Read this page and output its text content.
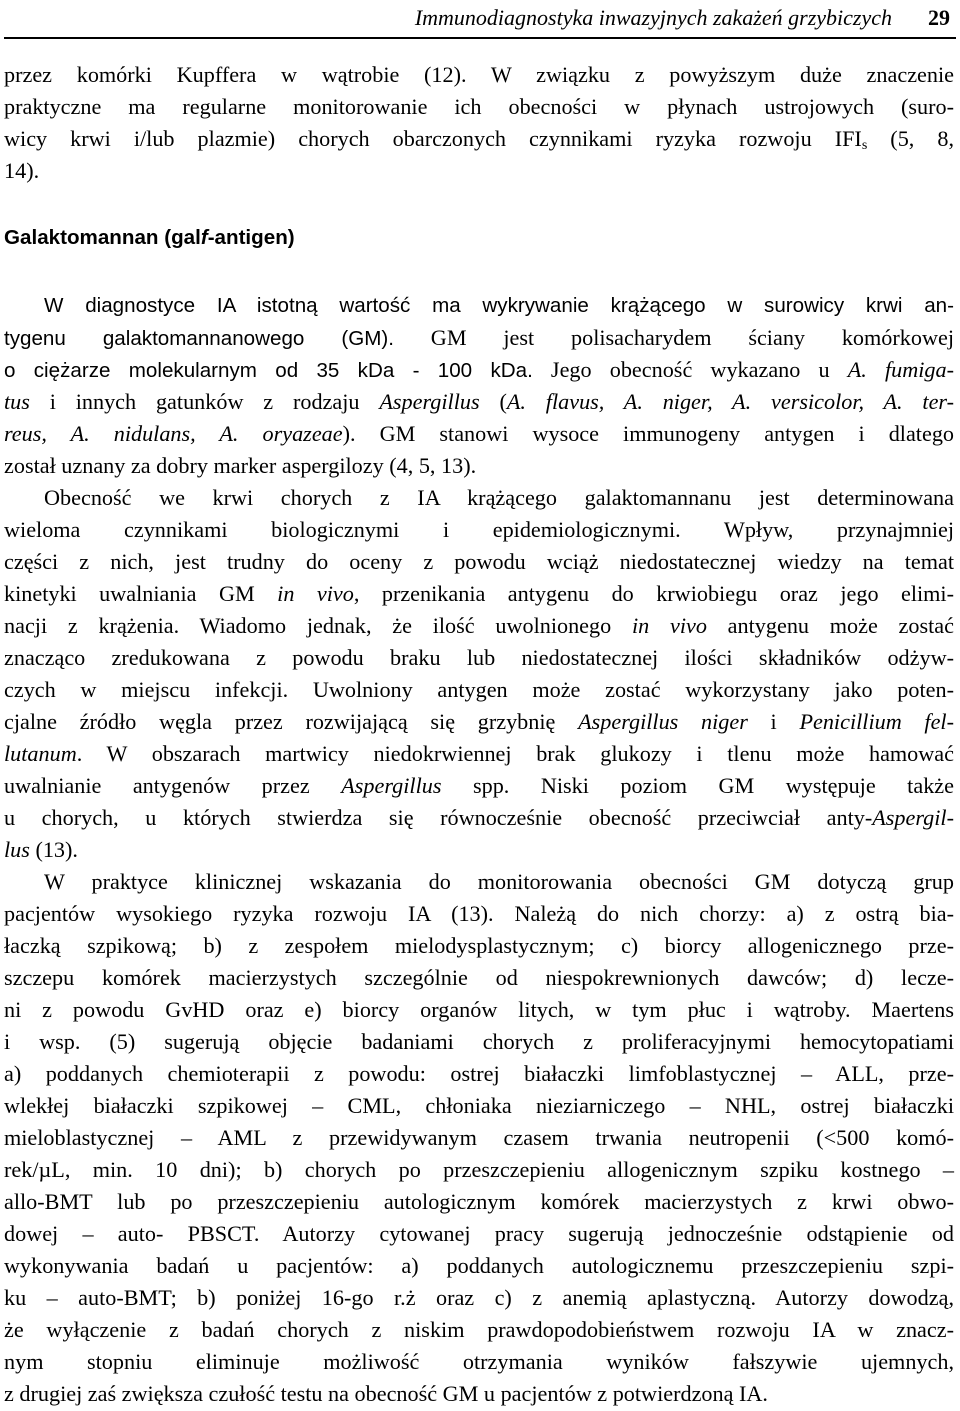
Immunodiagnostyka inwazyjnych zakażeń grzybiczych 29
przez komórki Kupffera w wątrobie (12). W związku z powyższym duże znaczenie
praktyczne ma regularne monitorowanie ich obecności w płynach ustrojowych (suro-
wicy krwi i/lub plazmie) chorych obarczonych czynnikami ryzyka rozwoju $IFI_s$ (5, 8,
14).
Galaktomannan (galf-antigen)
W diagnostyce IA istotną wartość ma wykrywanie krążącego w surowicy krwi an-
tygenu galaktomannanowego (GM). GM jest polisacharydem ściany komórkowej
o ciężarze molekularnym od 35 kDa - 100 kDa. Jego obecność wykazano u A. fumiga-
tus i innych gatunków z rodzaju Aspergillus (A. flavus, A. niger, A. versicolor, A. ter-
reus, A. nidulans, A. oryazeae). GM stanowi wysoce immunogeny antygen i dlatego
został uznany za dobry marker aspergilozy (4, 5, 13).
Obecność we krwi chorych z IA krążącego galaktomannanu jest determinowana
wieloma czynnikami biologicznymi i epidemiologicznymi. Wpływ, przynajmniej
części z nich, jest trudny do oceny z powodu wciąż niedostatecznej wiedzy na temat
kinetyki uwalniania GM in vivo, przenikania antygenu do krwiobiegu oraz jego elimi-
nacji z krążenia. Wiadomo jednak, że ilość uwolnionego in vivo antygenu może zostać
znacząco zredukowana z powodu braku lub niedostatecznej ilości składników odżyw-
czych w miejscu infekcji. Uwolniony antygen może zostać wykorzystany jako poten-
cjalne źródło węgla przez rozwijającą się grzybnię Aspergillus niger i Penicillium fel-
lutanum. W obszarach martwicy niedokrwiennej brak glukozy i tlenu może hamować
uwalnianie antygenów przez Aspergillus spp. Niski poziom GM występuje także
u chorych, u których stwierdza się równocześnie obecność przeciwciał anty-Aspergil-
lus (13).
W praktyce klinicznej wskazania do monitorowania obecności GM dotyczą grup
pacjentów wysokiego ryzyka rozwoju IA (13). Należą do nich chorzy: a) z ostrą bia-
łaczką szpikową; b) z zespołem mielodysplastycznym; c) biorcy allogenicznego prze-
szczepu komórek macierzystych szczególnie od niespokrewnionych dawców; d) lecze-
ni z powodu GvHD oraz e) biorcy organów litych, w tym płuc i wątroby. Maertens
i wsp. (5) sugerują objęcie badaniami chorych z proliferacyjnymi hemocytopatiami
a) poddanych chemioterapii z powodu: ostrej białaczki limfoblastycznej – ALL, prze-
wlekłej białaczki szpikowej – CML, chłoniaka nieziarniczego – NHL, ostrej białaczki
mieloblastycznej – AML z przewidywanym czasem trwania neutropenii (<500 komó-
rek/µL, min. 10 dni); b) chorych po przeszczepieniu allogenicznym szpiku kostnego –
allo-BMT lub po przeszczepieniu autologicznym komórek macierzystych z krwi obwo-
dowej – auto- PBSCT. Autorzy cytowanej pracy sugerują jednocześnie odstąpienie od
wykonywania badań u pacjentów: a) poddanych autologicznemu przeszczepieniu szpi-
ku – auto-BMT; b) poniżej 16-go r.ż oraz c) z anemią aplastyczną. Autorzy dowodzą,
że wyłączenie z badań chorych z niskim prawdopodobieństwem rozwoju IA w znacz-
nym stopniu eliminuje możliwość otrzymania wyników fałszywie ujemnych,
z drugiej zaś zwiększa czułość testu na obecność GM u pacjentów z potwierdzoną IA.
